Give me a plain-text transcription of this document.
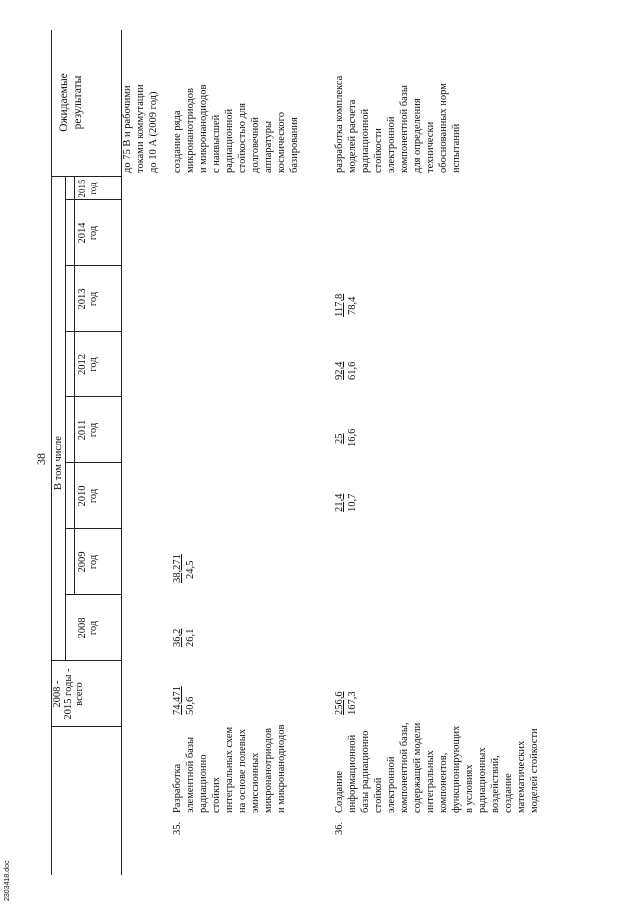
38
2303418.doc
2008 - 2015 годы - всего
В том числе
2008 год
2009 год
2010 год
2011 год
2012 год
2013 год
2014 год
2015 год
Ожидаемые результаты	до 75 В и рабочими токами коммутации до 10 А (2009 год)
35.
Разработка элементной базы радиационно стойких интегральных схем на основе полевых эмиссионных микронанотриодов и микронанодиодов
74,471 50,6
36,2 26,1
38,271 24,5
создание ряда микронанотриодов и микронанодиодов с наивысшей радиационной стойкостью для долговечной аппаратуры космического базирования
36.
Создание информационной базы радиационно стойкой электронной компонентной базы, содержащей модели интегральных компонентов, функционирующих в условиях радиационных воздействий, создание математических моделей стойкости
256,6 167,3
21,4 10,7
25 16,6
92,4 61,6
117,8 78,4
разработка комплекса моделей расчета радиационной стойкости электронной компонентной базы для определения технически обоснованных норм испытаний
